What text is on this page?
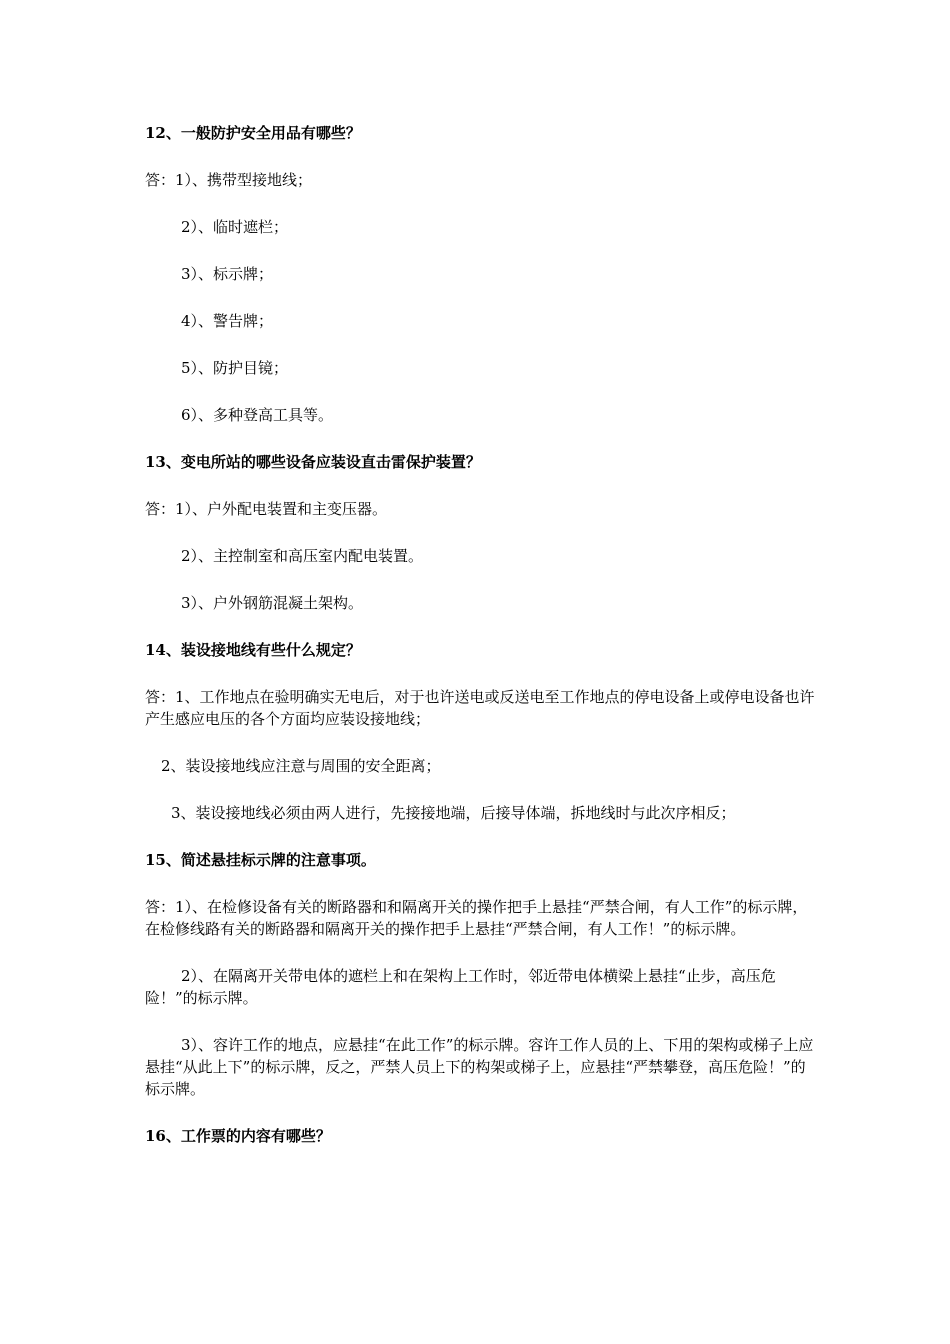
12、一般防护安全用品有哪些？

答：1）、携带型接地线；

2）、临时遮栏；

3）、标示牌；

4）、警告牌；

5）、防护目镜；

6）、多种登高工具等。

13、变电所站的哪些设备应装设直击雷保护装置？

答：1）、户外配电装置和主变压器。

2）、主控制室和高压室内配电装置。

3）、户外钢筋混凝土架构。

14、装设接地线有些什么规定？

答：1、工作地点在验明确实无电后，对于也许送电或反送电至工作地点的停电设备上或停电设备也许产生感应电压的各个方面均应装设接地线；

2、装设接地线应注意与周围的安全距离；

3、装设接地线必须由两人进行，先接接地端，后接导体端，拆地线时与此次序相反；

15、简述悬挂标示牌的注意事项。

答：1）、在检修设备有关的断路器和和隔离开关的操作把手上悬挂“严禁合闸，有人工作”的标示牌，在检修线路有关的断路器和隔离开关的操作把手上悬挂“严禁合闸，有人工作！”的标示牌。

2）、在隔离开关带电体的遮栏上和在架构上工作时，邻近带电体横梁上悬挂“止步，高压危险！”的标示牌。

3）、容许工作的地点，应悬挂“在此工作”的标示牌。容许工作人员的上、下用的架构或梯子上应悬挂“从此上下”的标示牌，反之，严禁人员上下的构架或梯子上，应悬挂“严禁攀登，高压危险！”的标示牌。

16、工作票的内容有哪些？
